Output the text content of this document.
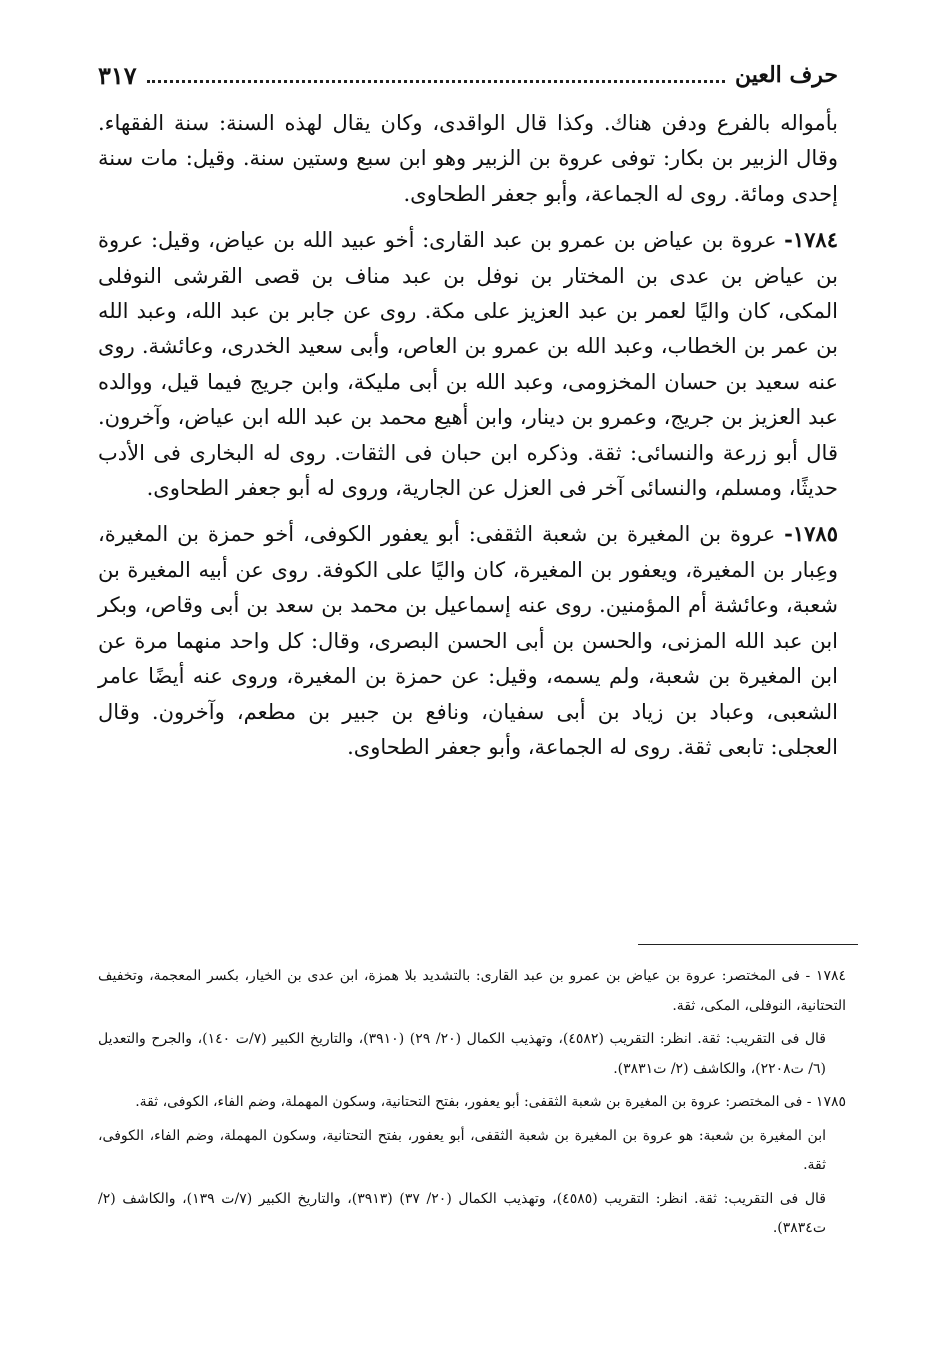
حرف العين
٣١٧

بأمواله بالفرع ودفن هناك. وكذا قال الواقدى، وكان يقال لهذه السنة: سنة الفقهاء. وقال الزبير بن بكار: توفى عروة بن الزبير وهو ابن سبع وستين سنة. وقيل: مات سنة إحدى ومائة. روى له الجماعة، وأبو جعفر الطحاوى.

١٧٨٤- عروة بن عياض بن عمرو بن عبد القارى: أخو عبيد الله بن عياض، وقيل: عروة بن عياض بن عدى بن المختار بن نوفل بن عبد مناف بن قصى القرشى النوفلى المكى، كان واليًا لعمر بن عبد العزيز على مكة. روى عن جابر بن عبد الله، وعبد الله بن عمر بن الخطاب، وعبد الله بن عمرو بن العاص، وأبى سعيد الخدرى، وعائشة. روى عنه سعيد بن حسان المخزومى، وعبد الله بن أبى مليكة، وابن جريج فيما قيل، ووالده عبد العزيز بن جريج، وعمرو بن دينار، وابن أهيع محمد بن عبد الله ابن عياض، وآخرون. قال أبو زرعة والنسائى: ثقة. وذكره ابن حبان فى الثقات. روى له البخارى فى الأدب حديثًا، ومسلم، والنسائى آخر فى العزل عن الجارية، وروى له أبو جعفر الطحاوى.

١٧٨٥- عروة بن المغيرة بن شعبة الثقفى: أبو يعفور الكوفى، أخو حمزة بن المغيرة، وعِبار بن المغيرة، ويعفور بن المغيرة، كان واليًا على الكوفة. روى عن أبيه المغيرة بن شعبة، وعائشة أم المؤمنين. روى عنه إسماعيل بن محمد بن سعد بن أبى وقاص، وبكر ابن عبد الله المزنى، والحسن بن أبى الحسن البصرى، وقال: كل واحد منهما مرة عن ابن المغيرة بن شعبة، ولم يسمه، وقيل: عن حمزة بن المغيرة، وروى عنه أيضًا عامر الشعبى، وعباد بن زياد بن أبى سفيان، ونافع بن جبير بن مطعم، وآخرون. وقال العجلى: تابعى ثقة. روى له الجماعة، وأبو جعفر الطحاوى.

١٧٨٤ - فى المختصر: عروة بن عياض بن عمرو بن عبد القارى: بالتشديد بلا همزة، ابن عدى بن الخيار، بكسر المعجمة، وتخفيف التحتانية، النوفلى، المكى، ثقة.

قال فى التقريب: ثقة. انظر: التقريب (٤٥٨٢)، وتهذيب الكمال (٢٠/ ٢٩) (٣٩١٠)، والتاريخ الكبير (٧/ت ١٤٠)، والجرح والتعديل (٦/ ت٢٢٠٨)، والكاشف (٢/ ت٣٨٣١).

١٧٨٥ - فى المختصر: عروة بن المغيرة بن شعبة الثقفى: أبو يعفور، بفتح التحتانية، وسكون المهملة، وضم الفاء، الكوفى، ثقة.

ابن المغيرة بن شعبة: هو عروة بن المغيرة بن شعبة الثقفى، أبو يعفور، بفتح التحتانية، وسكون المهملة، وضم الفاء، الكوفى، ثقة.

قال فى التقريب: ثقة. انظر: التقريب (٤٥٨٥)، وتهذيب الكمال (٢٠/ ٣٧) (٣٩١٣)، والتاريخ الكبير (٧/ت ١٣٩)، والكاشف (٢/ ت٣٨٣٤).
